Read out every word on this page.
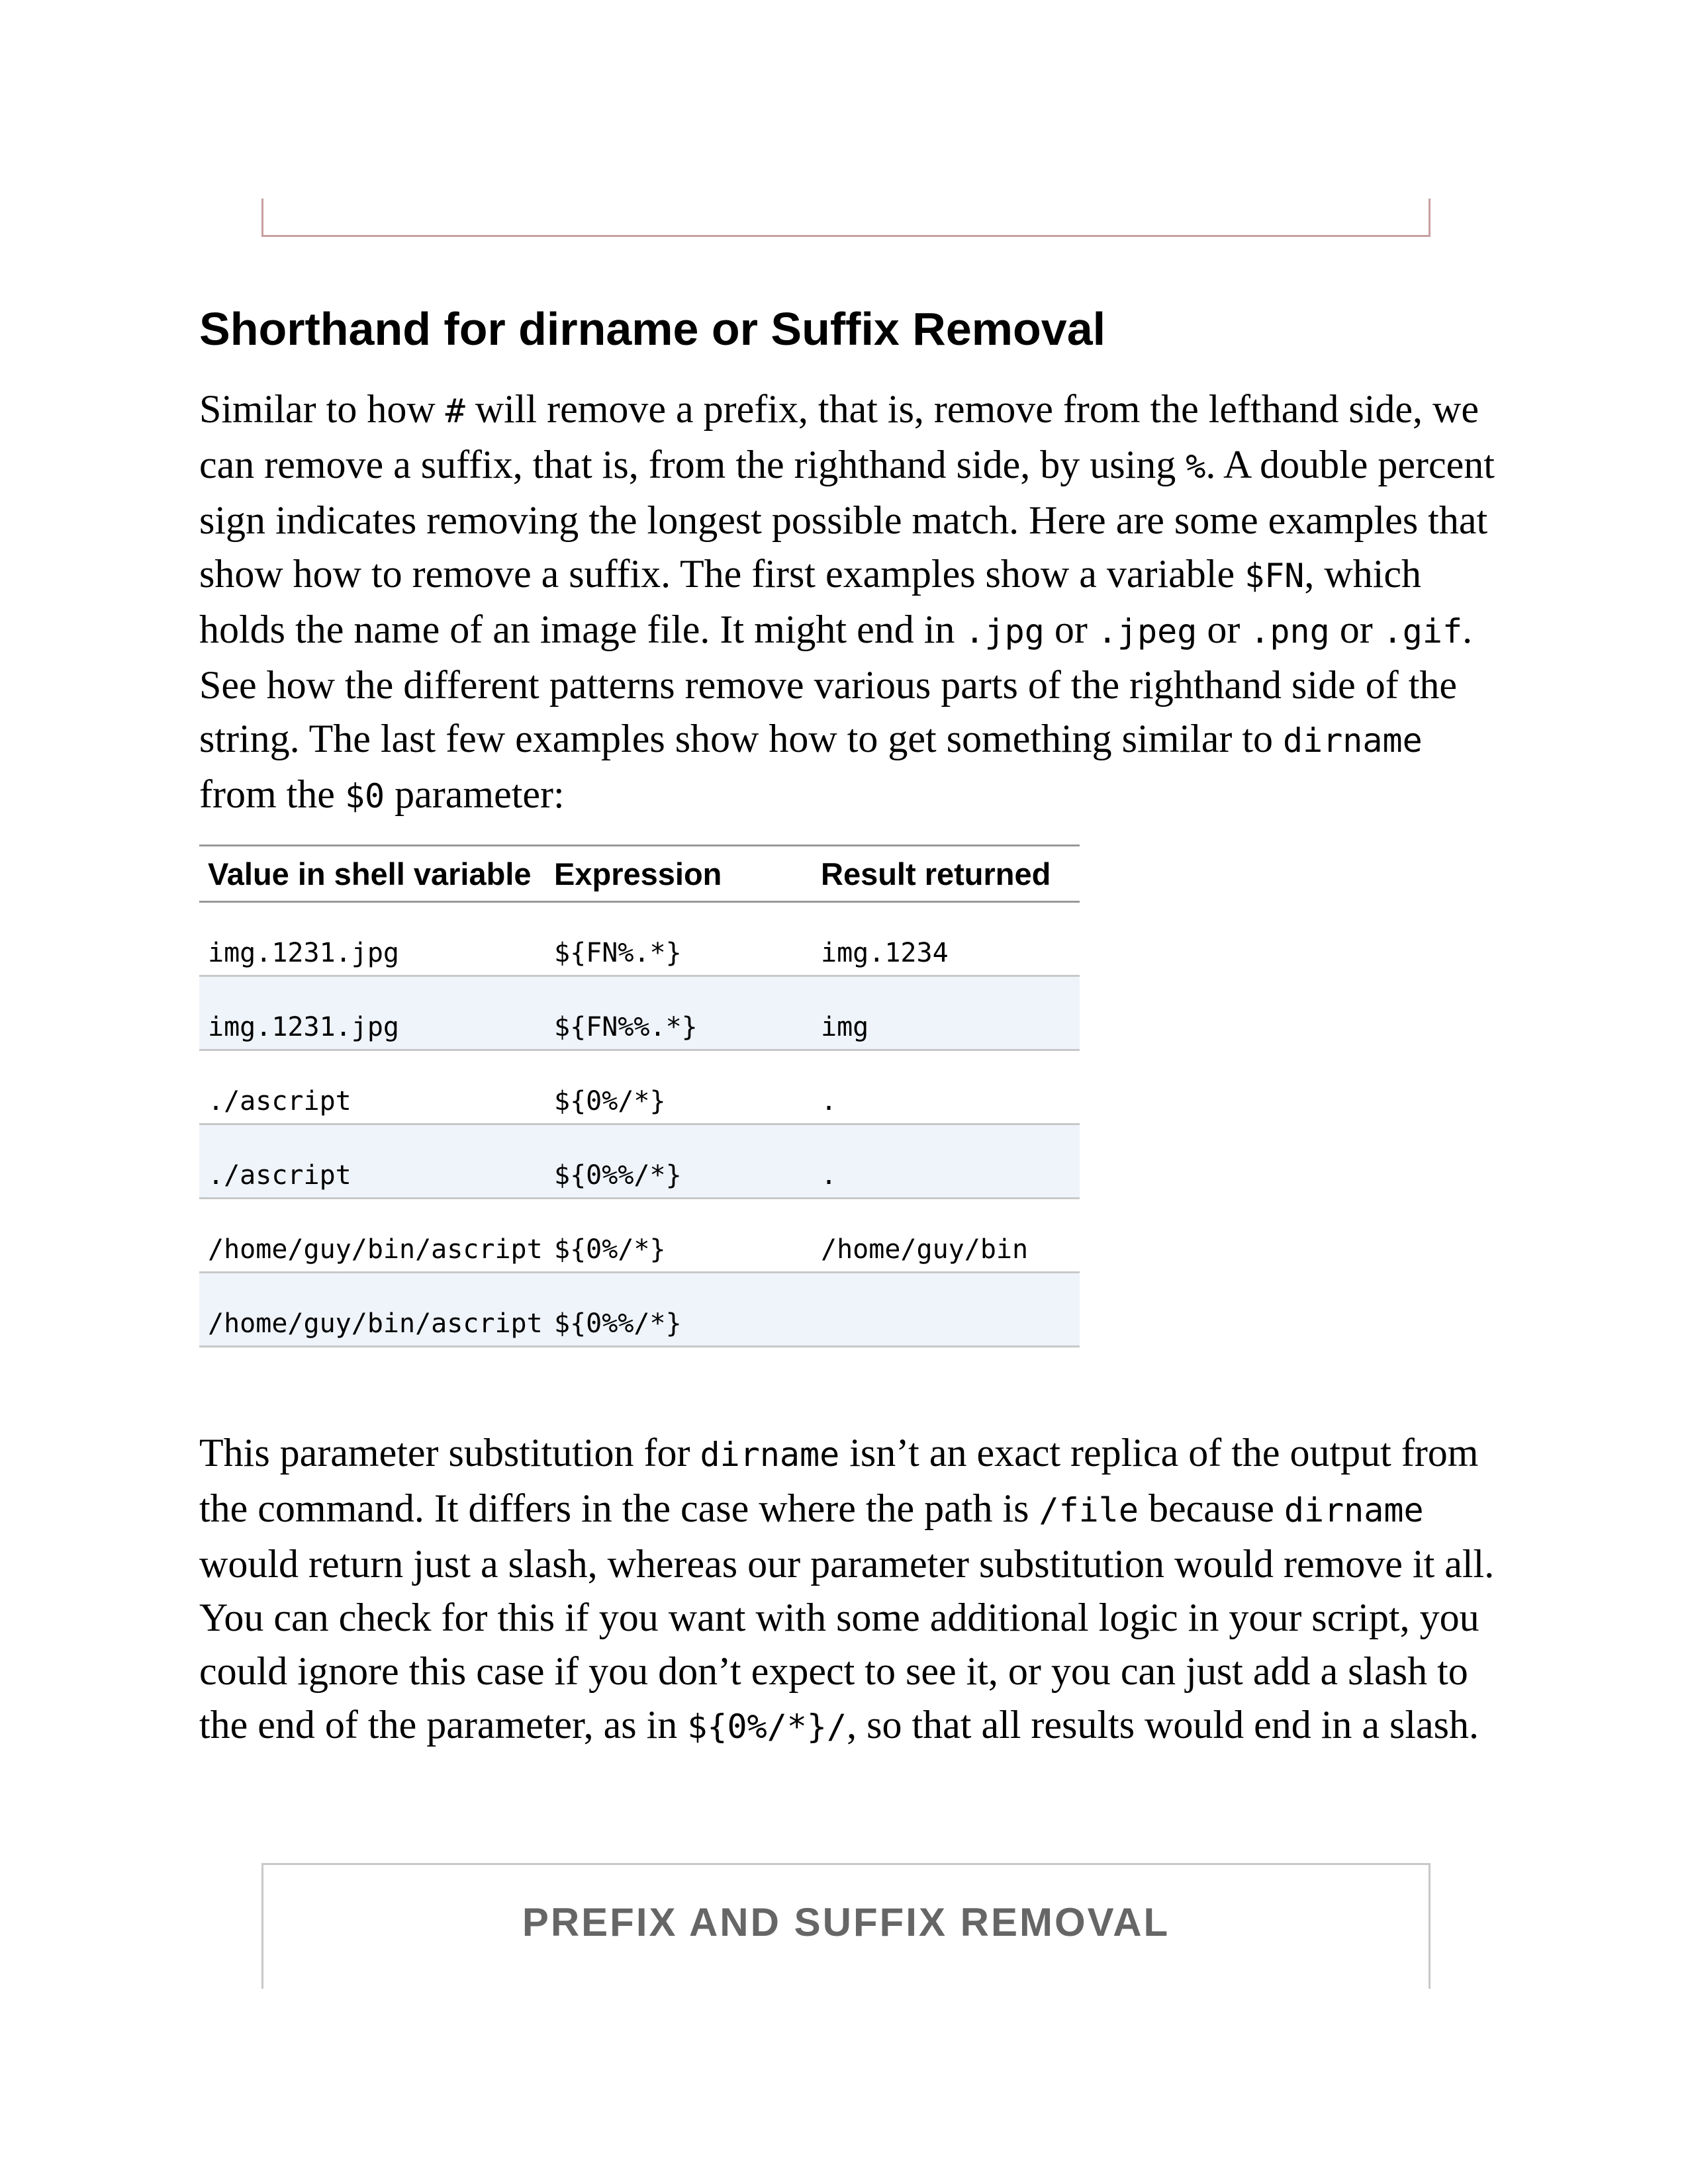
Shorthand for dirname or Suffix Removal

Similar to how # will remove a prefix, that is, remove from the lefthand side, we can remove a suffix, that is, from the righthand side, by using %. A double percent sign indicates removing the longest possible match. Here are some examples that show how to remove a suffix. The first examples show a variable $FN, which holds the name of an image file. It might end in .jpg or .jpeg or .png or .gif. See how the different patterns remove various parts of the righthand side of the string. The last few examples show how to get something similar to dirname from the $0 parameter:

Value in shell variable	Expression	Result returned
img.1231.jpg	${FN%.*}	img.1234
img.1231.jpg	${FN%%.*}	img
./ascript	${0%/*}	.
./ascript	${0%%/*}	.
/home/guy/bin/ascript	${0%/*}	/home/guy/bin
/home/guy/bin/ascript	${0%%/*}	

This parameter substitution for dirname isn’t an exact replica of the output from the command. It differs in the case where the path is /file because dirname would return just a slash, whereas our parameter substitution would remove it all. You can check for this if you want with some additional logic in your script, you could ignore this case if you don’t expect to see it, or you can just add a slash to the end of the parameter, as in ${0%/*}/, so that all results would end in a slash.

PREFIX AND SUFFIX REMOVAL
